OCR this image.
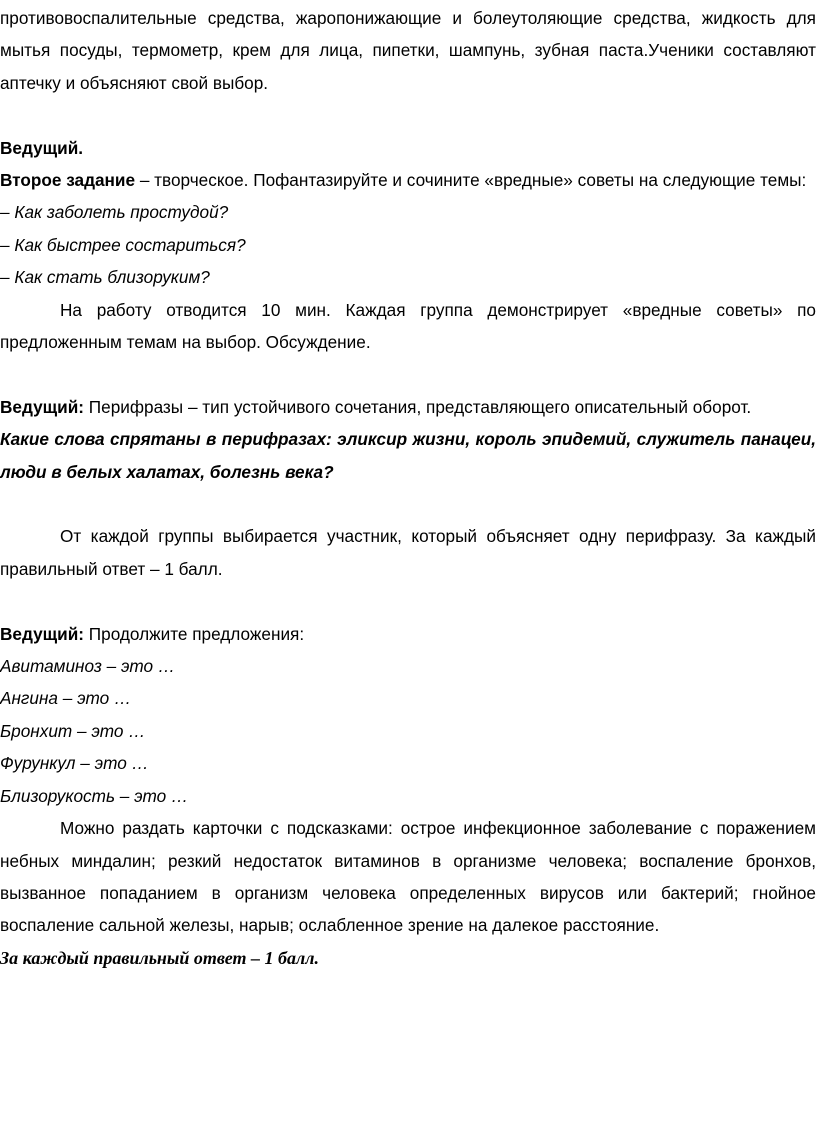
противовоспалительные средства, жаропонижающие и болеутоляющие средства, жидкость для мытья посуды, термометр, крем для лица, пипетки, шампунь, зубная паста.Ученики составляют аптечку и объясняют свой выбор.

Ведущий.

Второе задание – творческое. Пофантазируйте и сочините «вредные» советы на следующие темы:

– Как заболеть простудой?

– Как быстрее состариться?

– Как стать близоруким?

На работу отводится 10 мин. Каждая группа демонстрирует «вредные советы» по предложенным темам на выбор. Обсуждение.

Ведущий: Перифразы – тип устойчивого сочетания, представляющего описательный оборот.

Какие слова спрятаны в перифразах: эликсир жизни, король эпидемий, служитель панацеи, люди в белых халатах, болезнь века?

От каждой группы выбирается участник, который объясняет одну перифразу. За каждый правильный ответ – 1 балл.

Ведущий: Продолжите предложения:

Авитаминоз – это …

Ангина – это …

Бронхит – это …

Фурункул – это …

Близорукость – это …

Можно раздать карточки с подсказками: острое инфекционное заболевание с поражением небных миндалин; резкий недостаток витаминов в организме человека; воспаление бронхов, вызванное попаданием в организм человека определенных вирусов или бактерий; гнойное воспаление сальной железы, нарыв; ослабленное зрение на далекое расстояние.

За каждый правильный ответ – 1 балл.
